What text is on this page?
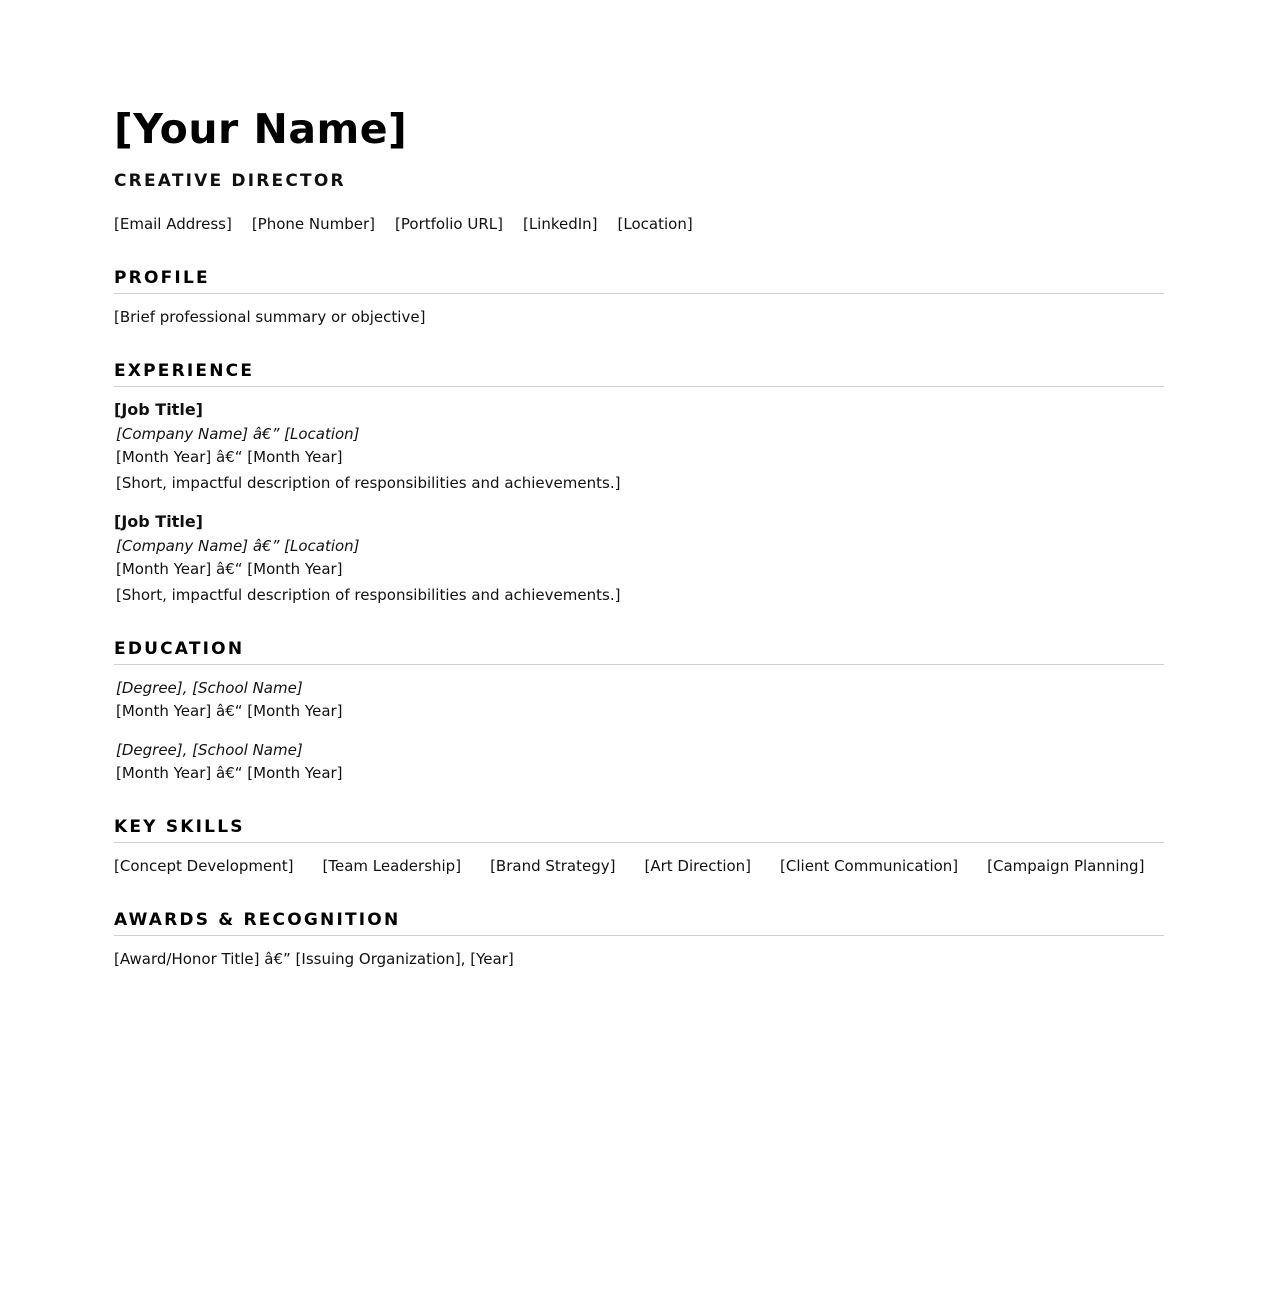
[Your Name]
CREATIVE DIRECTOR
[Email Address] [Phone Number] [Portfolio URL] [LinkedIn] [Location]
PROFILE
[Brief professional summary or objective]
EXPERIENCE
[Job Title]
[Company Name] â€” [Location]
[Month Year] â€“ [Month Year]
[Short, impactful description of responsibilities and achievements.]
[Job Title]
[Company Name] â€” [Location]
[Month Year] â€“ [Month Year]
[Short, impactful description of responsibilities and achievements.]
EDUCATION
[Degree], [School Name]
[Month Year] â€“ [Month Year]
[Degree], [School Name]
[Month Year] â€“ [Month Year]
KEY SKILLS
[Concept Development] [Team Leadership] [Brand Strategy] [Art Direction] [Client Communication] [Campaign Planning]
AWARDS & RECOGNITION
[Award/Honor Title] â€” [Issuing Organization], [Year]
